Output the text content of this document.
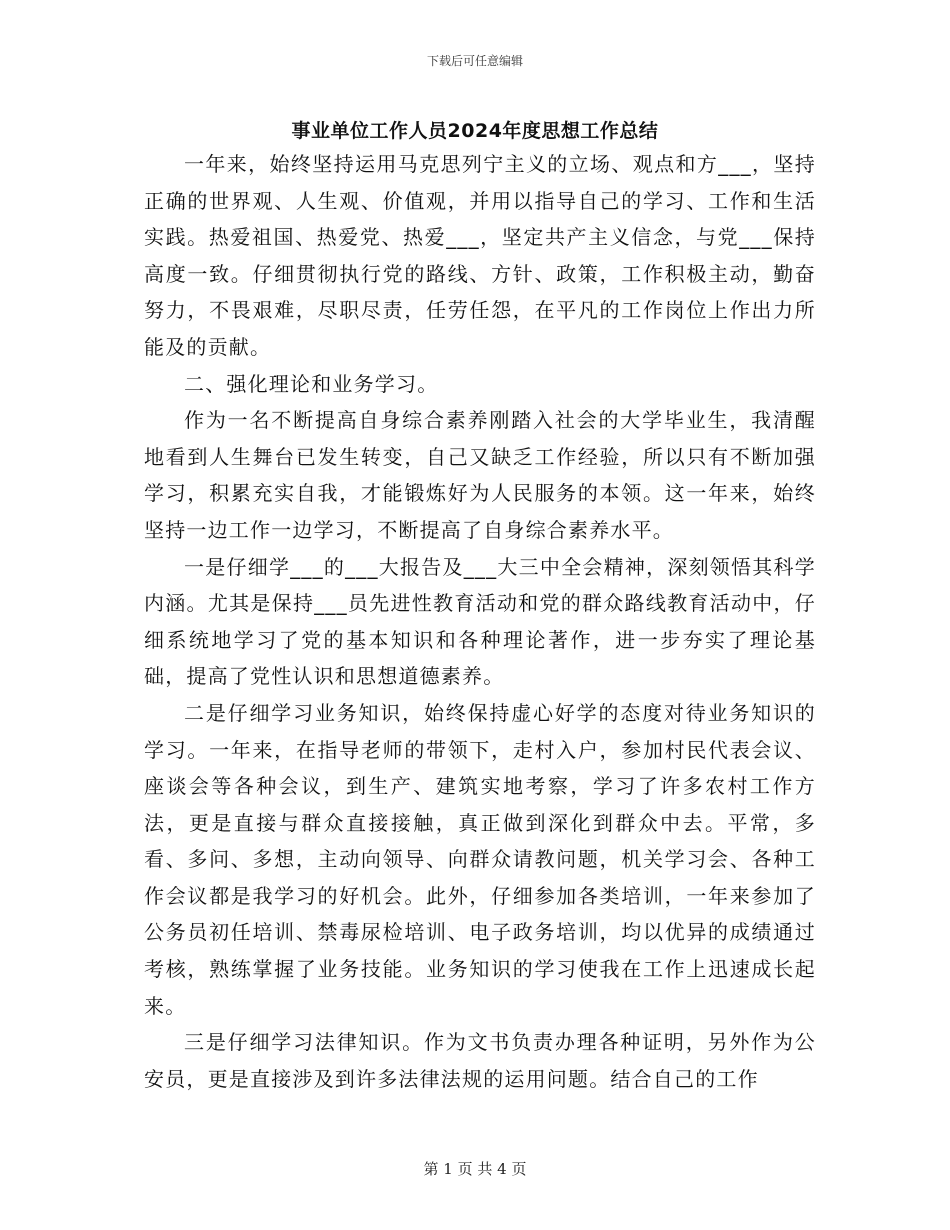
下载后可任意编辑
事业单位工作人员2024年度思想工作总结

一年来，始终坚持运用马克思列宁主义的立场、观点和方___，坚持正确的世界观、人生观、价值观，并用以指导自己的学习、工作和生活实践。热爱祖国、热爱党、热爱___，坚定共产主义信念，与党___保持高度一致。仔细贯彻执行党的路线、方针、政策，工作积极主动，勤奋努力，不畏艰难，尽职尽责，任劳任怨，在平凡的工作岗位上作出力所能及的贡献。

二、强化理论和业务学习。

作为一名不断提高自身综合素养刚踏入社会的大学毕业生，我清醒地看到人生舞台已发生转变，自己又缺乏工作经验，所以只有不断加强学习，积累充实自我，才能锻炼好为人民服务的本领。这一年来，始终坚持一边工作一边学习，不断提高了自身综合素养水平。

一是仔细学___的___大报告及___大三中全会精神，深刻领悟其科学内涵。尤其是保持___员先进性教育活动和党的群众路线教育活动中，仔细系统地学习了党的基本知识和各种理论著作，进一步夯实了理论基础，提高了党性认识和思想道德素养。

二是仔细学习业务知识，始终保持虚心好学的态度对待业务知识的学习。一年来，在指导老师的带领下，走村入户，参加村民代表会议、座谈会等各种会议，到生产、建筑实地考察，学习了许多农村工作方法，更是直接与群众直接接触，真正做到深化到群众中去。平常，多看、多问、多想，主动向领导、向群众请教问题，机关学习会、各种工作会议都是我学习的好机会。此外，仔细参加各类培训，一年来参加了公务员初任培训、禁毒尿检培训、电子政务培训，均以优异的成绩通过考核，熟练掌握了业务技能。业务知识的学习使我在工作上迅速成长起来。

三是仔细学习法律知识。作为文书负责办理各种证明，另外作为公安员，更是直接涉及到许多法律法规的运用问题。结合自己的工作

第 1 页 共 4 页
